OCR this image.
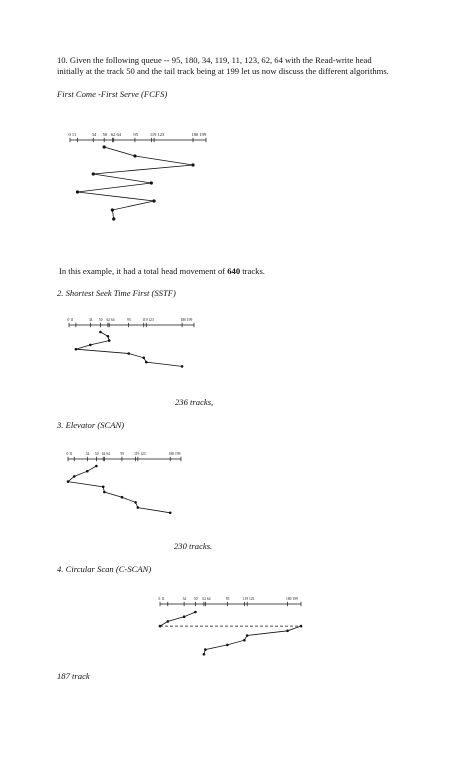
10. Given the following queue -- 95, 180, 34, 119, 11, 123, 62, 64 with the Read-write head
initially at the track 50 and the tail track being at 199 let us now discuss the different algorithms.
First Come -First Serve (FCFS)
0 11	34 50 62 64	95	119 123	180 199
In this example, it had a total head movement of 640 tracks.
2. Shortest Seek Time First (SSTF)
0 11	34 50 62 64	95	119 123	180 199
236 tracks,
3. Elevator (SCAN)
0 11	34 50 62 64	95	119 123	180 199
230 tracks.
4. Circular Scan (C-SCAN)
0 11	34 50 62 64	95	119 123	180 199
187 track
